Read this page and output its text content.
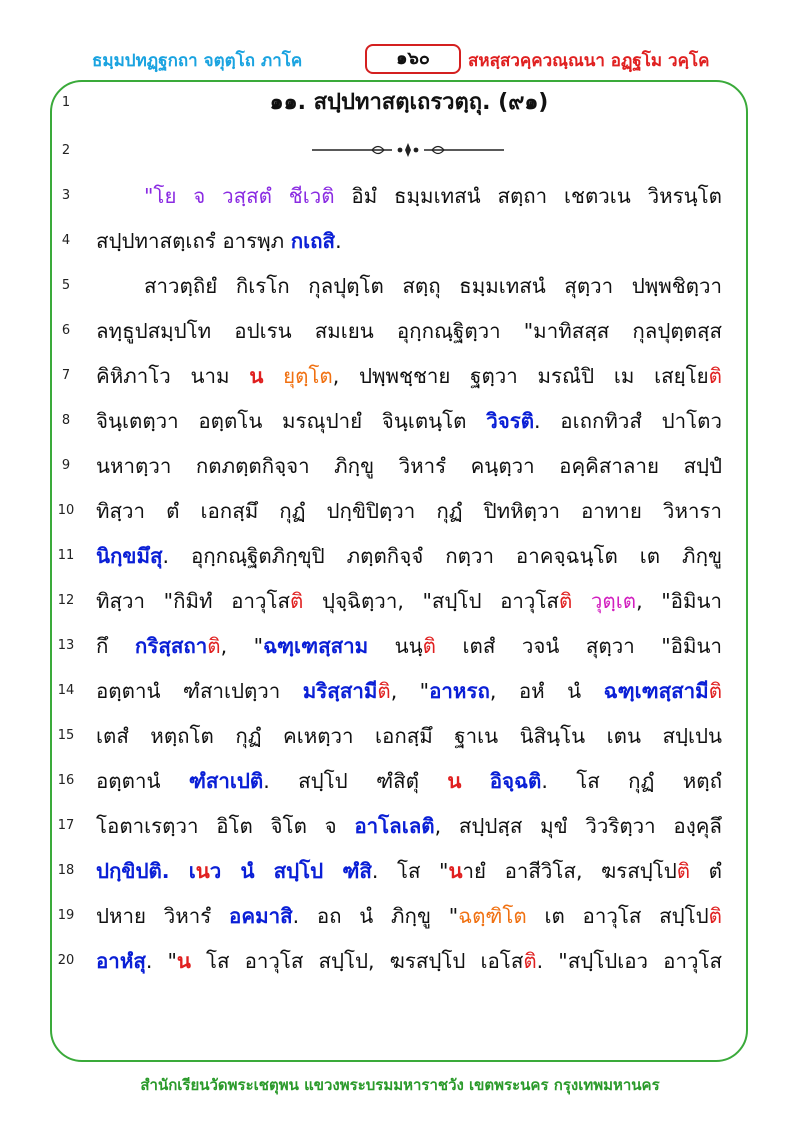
ธมฺมปทฏฺฐกถา จตุตฺโถ ภาโค	๑๖๐	สหสฺสวคฺควณฺณนา อฏฺฐโม วคฺโค
1	๑๑. สปฺปทาสตฺเถรวตฺถุ. (๙๑)
2
3	"โย จ วสฺสตํ ชีเวติ อิมํ ธมฺมเทสนํ สตฺถา เชตวเน วิหรนฺโต
4	สปฺปทาสตฺเถรํ อารพฺภ กเถสิ.
5	สาวตฺถิยํ กิเรโก กุลปุตฺโต สตฺถุ ธมฺมเทสนํ สุตฺวา ปพฺพชิตฺวา
6	ลทฺธูปสมฺปโท อปเรน สมเยน อุกฺกณฺฐิตฺวา "มาทิสสฺส กุลปุตฺตสฺส
7	คิหิภาโว นาม น ยุตฺโต, ปพฺพชฺชาย ฐตฺวา มรณํปิ เม เสยฺโยติ
8	จินฺเตตฺวา อตฺตโน มรณุปายํ จินฺเตนฺโต วิจรติ. อเถกทิวสํ ปาโตว
9	นหาตฺวา กตภตฺตกิจฺจา ภิกฺขู วิหารํ คนฺตฺวา อคฺคิสาลาย สปฺปํ
10	ทิสฺวา ตํ เอกสฺมึ กุฏํ ปกฺขิปิตฺวา กุฏํ ปิทหิตฺวา อาทาย วิหารา
11	นิกฺขมึสุ. อุกฺกณฺฐิตภิกฺขุปิ ภตฺตกิจฺจํ กตฺวา อาคจฺฉนฺโต เต ภิกฺขู
12	ทิสฺวา "กิมิทํ อาวุโสติ ปุจฺฉิตฺวา, "สปฺโป อาวุโสติ วุตฺเต, "อิมินา
13	กึ กริสฺสถาติ, "ฉฑฺเฑสฺสาม นนฺติ เตสํ วจนํ สุตฺวา "อิมินา
14	อตฺตานํ ฑํสาเปตฺวา มริสฺสามีติ, "อาหรถ, อหํ นํ ฉฑฺเฑสฺสามีติ
15	เตสํ หตฺถโต กุฏํ คเหตฺวา เอกสฺมึ ฐาเน นิสินฺโน เตน สปฺเปน
16	อตฺตานํ ฑํสาเปติ. สปฺโป ฑํสิตุํ น อิจฺฉติ. โส กุฏํ หตฺถํ
17	โอตาเรตฺวา อิโต จิโต จ อาโลเลติ, สปฺปสฺส มุขํ วิวริตฺวา องฺคุลึ
18	ปกฺขิปติ. เนว นํ สปฺโป ฑํสิ. โส "นายํ อาสีวิโส, ฆรสปฺโปติ ตํ
19	ปหาย วิหารํ อคมาสิ. อถ นํ ภิกฺขู "ฉตฺฑิโต เต อาวุโส สปฺโปติ
20	อาหํสุ. "น โส อาวุโส สปฺโป, ฆรสปฺโป เอโสติ. "สปฺโปเอว อาวุโส
สำนักเรียนวัดพระเชตุพน แขวงพระบรมมหาราชวัง เขตพระนคร กรุงเทพมหานคร
